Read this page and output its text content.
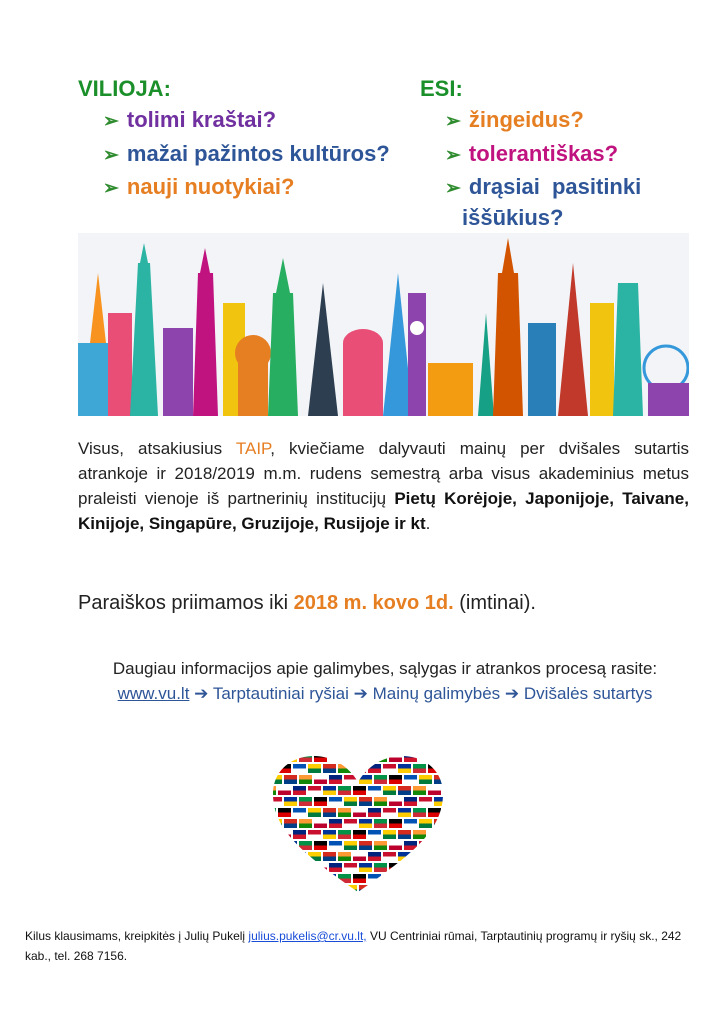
VILIOJA:
➢ tolimi kraštai?
➢ mažai pažintos kultūros?
➢ nauji nuotykiai?
ESI:
➢ žingeidus?
➢ tolerantiškas?
➢ drąsiai pasitinki
iššūkius?
Visus, atsakiusius TAIP, kviečiame dalyvauti mainų per dvišales sutartis atrankoje ir 2018/2019 m.m. rudens semestrą arba visus akademinius metus praleisti vienoje iš partnerinių institucijų Pietų Korėjoje, Japonijoje, Taivane, Kinijoje, Singapūre, Gruzijoje, Rusijoje ir kt.
Paraiškos priimamos iki 2018 m. kovo 1d. (imtinai).
Daugiau informacijos apie galimybes, sąlygas ir atrankos procesą rasite:
www.vu.lt ➔ Tarptautiniai ryšiai ➔ Mainų galimybės ➔ Dvišalės sutartys
Kilus klausimams, kreipkitės į Julių Pukelį julius.pukelis@cr.vu.lt, VU Centriniai rūmai, Tarptautinių programų ir ryšių sk., 242 kab., tel. 268 7156.
